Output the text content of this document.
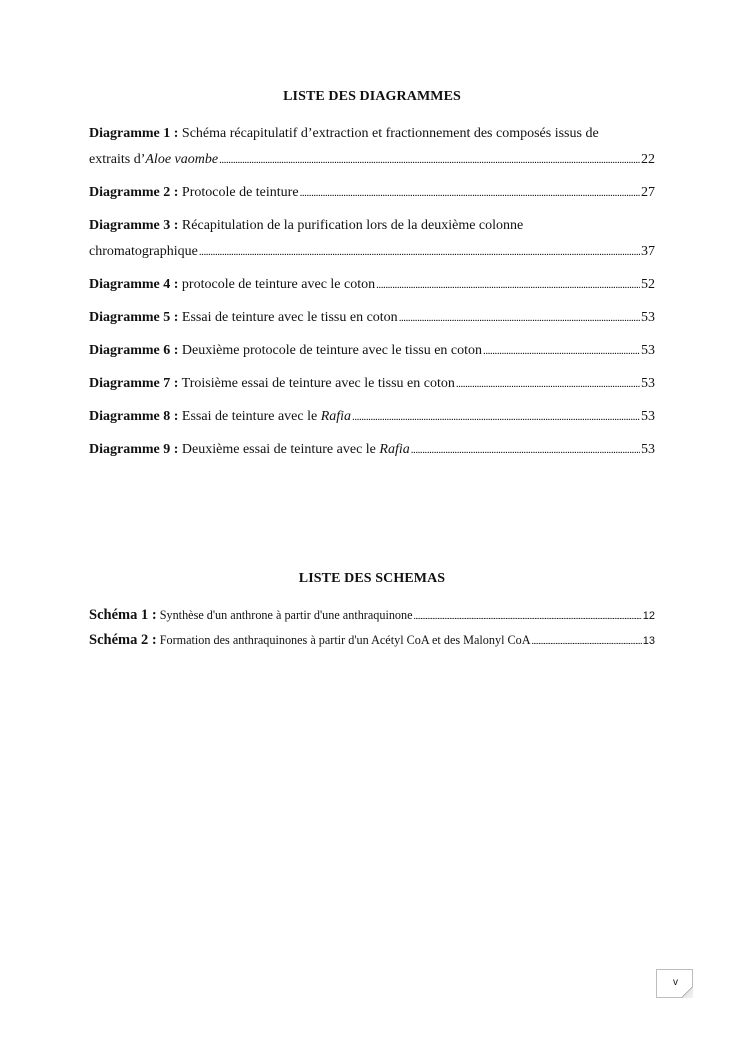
LISTE DES DIAGRAMMES
Diagramme 1 : Schéma récapitulatif d’extraction et fractionnement des composés issus de
extraits d’Aloe vaombe . . .	22
Diagramme 2 : Protocole de teinture . . .	27
Diagramme 3 : Récapitulation de la purification lors de la deuxième colonne
chromatographique . . .	37
Diagramme 4 : protocole de teinture avec le coton . . .	52
Diagramme 5 : Essai de teinture avec le tissu en coton . . .	53
Diagramme 6 : Deuxième protocole de teinture avec le tissu en coton . . .	53
Diagramme 7 : Troisième essai de teinture avec le tissu en coton . . .	53
Diagramme 8 : Essai de teinture avec le Rafia . . .	53
Diagramme 9 : Deuxième essai de teinture avec le Rafia . . .	53
LISTE DES SCHEMAS
Schéma 1 : Synthèse d'un anthrone à partir d'une anthraquinone . . .	12
Schéma 2 : Formation des anthraquinones à partir d'un Acétyl CoA et des Malonyl CoA . . .	13
v
